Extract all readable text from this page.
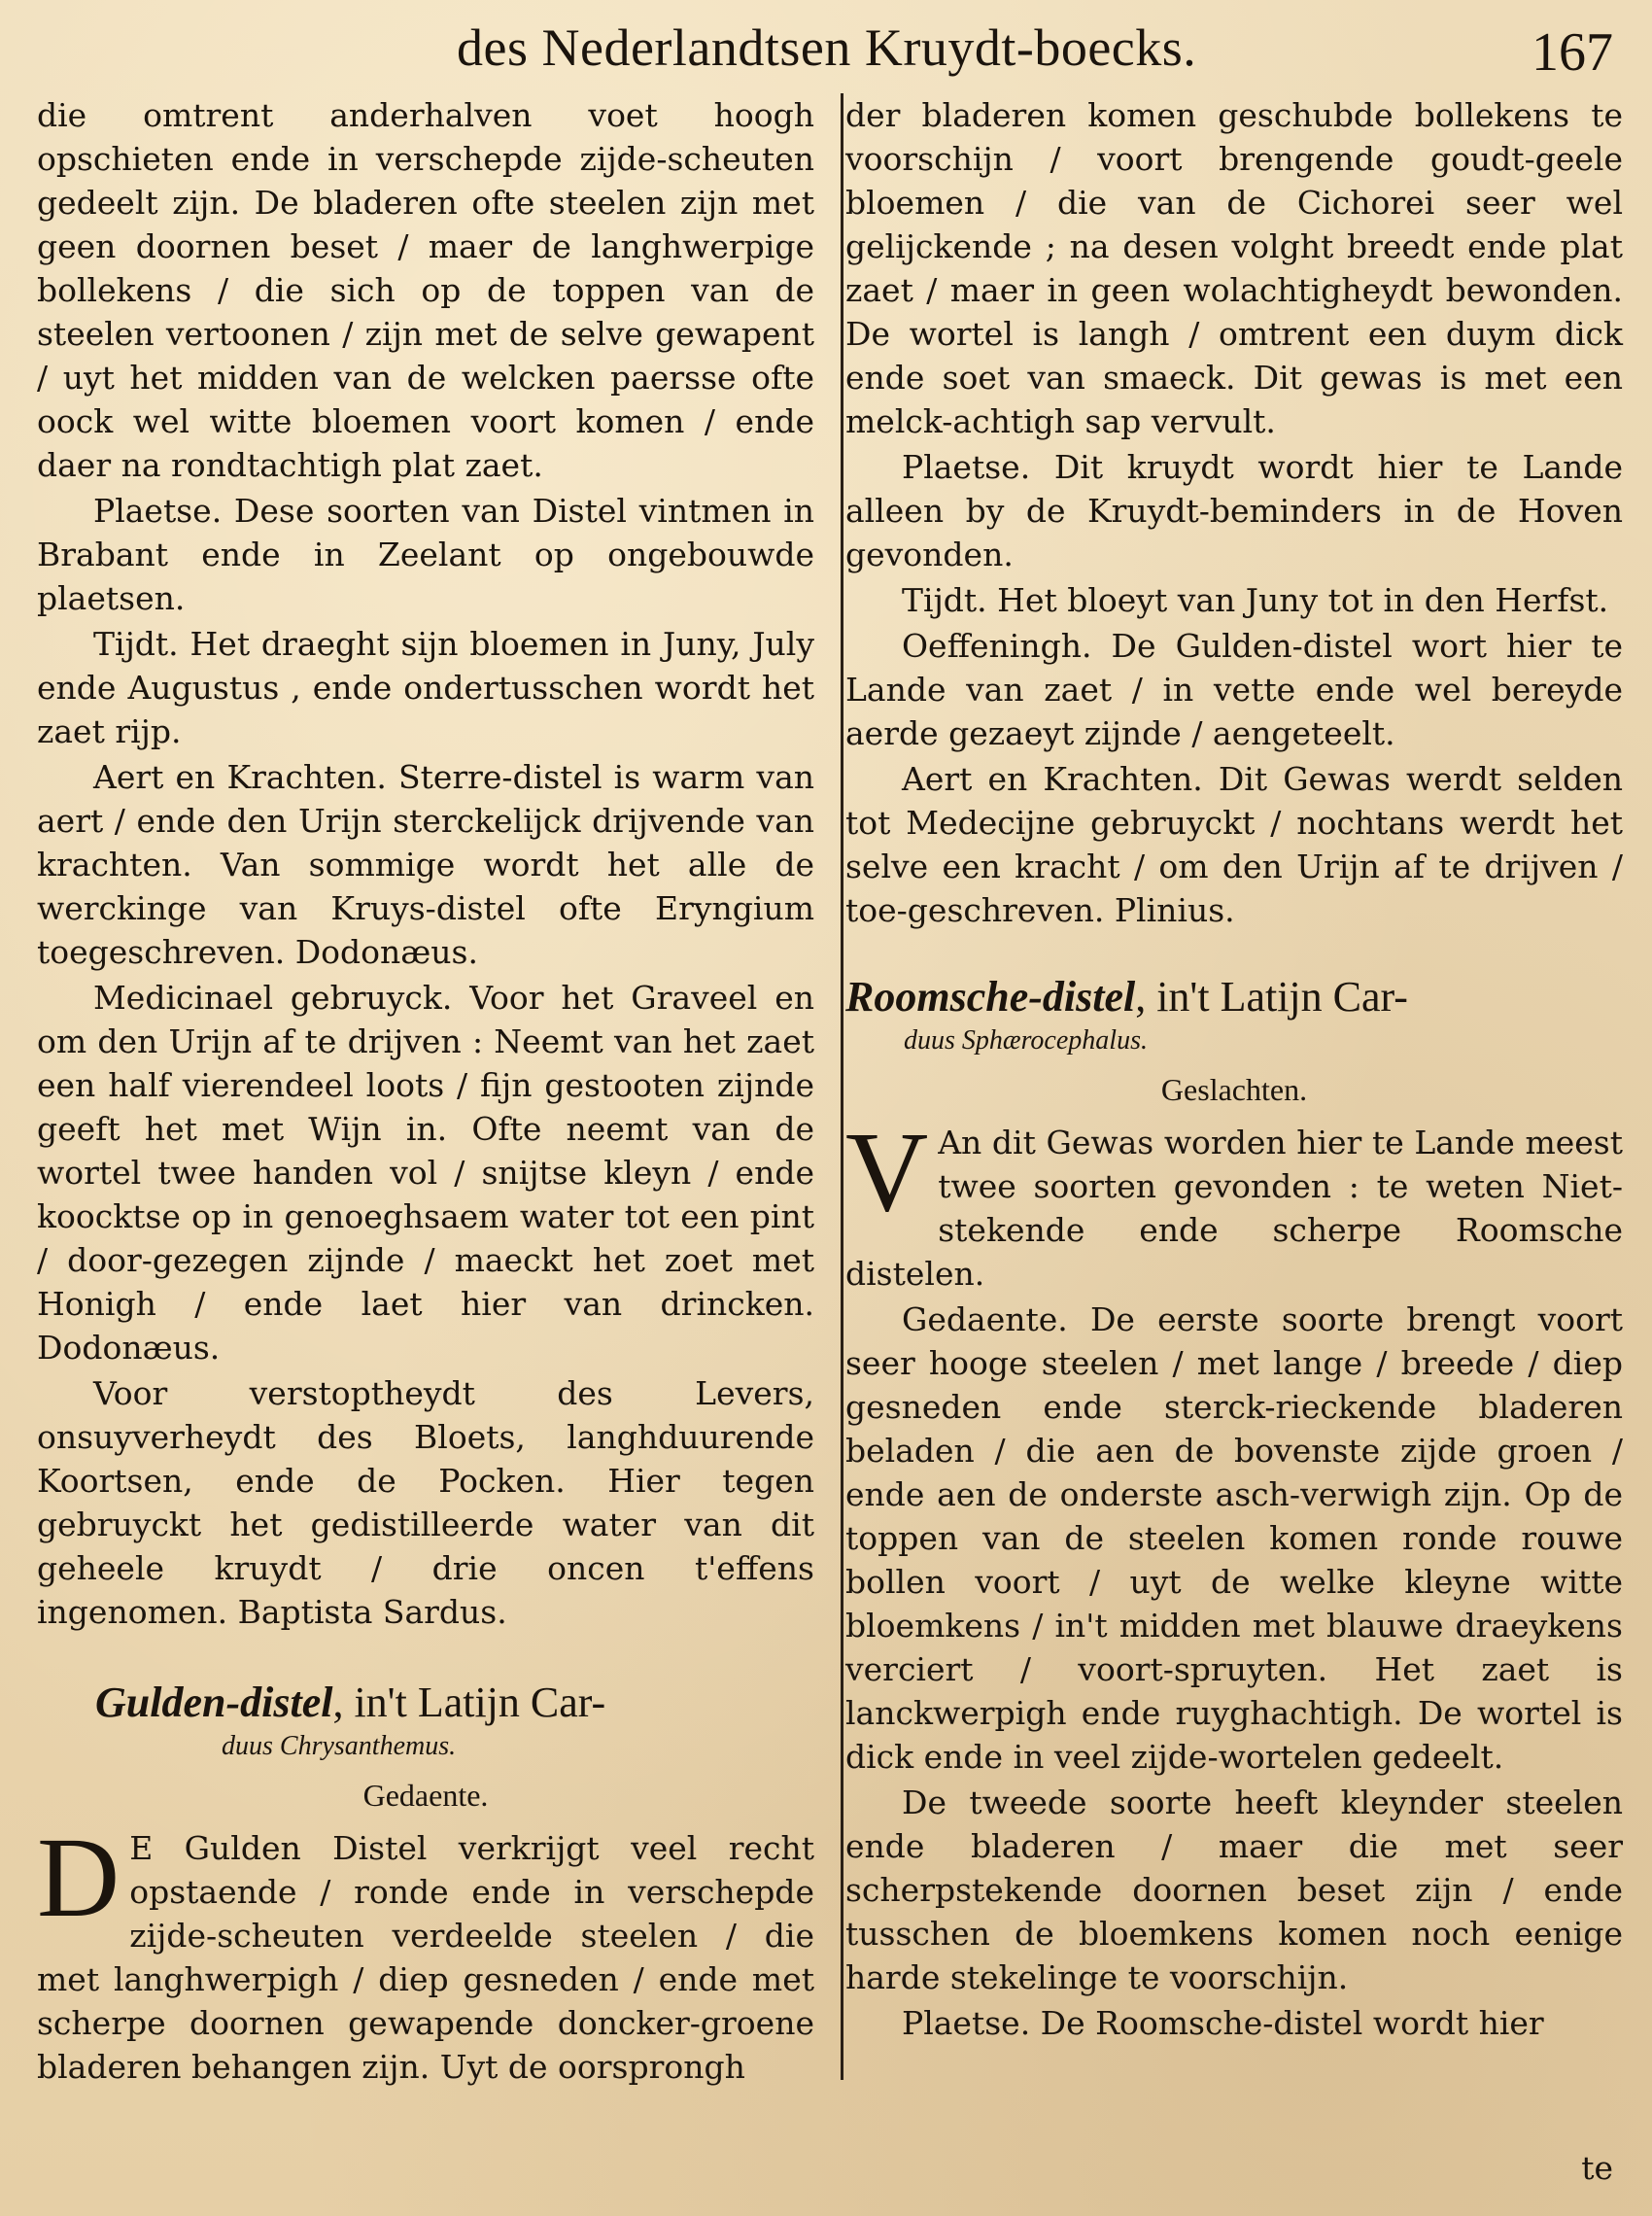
des Nederlandtsen Kruydt-boecks.	167

die omtrent anderhalven voet hoogh opschieten ende in verschepde zijde-scheuten gedeelt zijn. De bladeren ofte steelen zijn met geen doornen beset / maer de langhwerpige bollekens / die sich op de toppen van de steelen vertoonen / zijn met de selve gewapent / uyt het midden van de welcken paersse ofte oock wel witte bloemen voort komen / ende daer na rondtachtigh plat zaet.

Plaetse. Dese soorten van Distel vintmen in Brabant ende in Zeelant op ongebouwde plaetsen.

Tijdt. Het draeght sijn bloemen in Juny, July ende Augustus , ende ondertusschen wordt het zaet rijp.

Aert en Krachten. Sterre-distel is warm van aert / ende den Urijn sterckelijck drijvende van krachten. Van sommige wordt het alle de werckinge van Kruys-distel ofte Eryngium toegeschreven. Dodonæus.

Medicinael gebruyck. Voor het Graveel en om den Urijn af te drijven : Neemt van het zaet een half vierendeel loots / fijn gestooten zijnde geeft het met Wijn in. Ofte neemt van de wortel twee handen vol / snijtse kleyn / ende koocktse op in genoeghsaem water tot een pint / door-gezegen zijnde / maeckt het zoet met Honigh / ende laet hier van drincken. Dodonæus.

Voor verstoptheydt des Levers, onsuyverheydt des Bloets, langhduurende Koortsen, ende de Pocken. Hier tegen gebruyckt het gedistilleerde water van dit geheele kruydt / drie oncen t'effens ingenomen. Baptista Sardus.

Gulden-distel, in't Latijn Car-
duus Chrysanthemus.
Gedaente.

D E Gulden Distel verkrijgt veel recht opstaende / ronde ende in verschepde zijde-scheuten verdeelde steelen / die met langhwerpigh / diep gesneden / ende met scherpe doornen gewapende doncker-groene bladeren behangen zijn. Uyt de oorsprongh

der bladeren komen geschubde bollekens te voorschijn / voort brengende goudt-geele bloemen / die van de Cichorei seer wel gelijckende ; na desen volght breedt ende plat zaet / maer in geen wolachtigheydt bewonden. De wortel is langh / omtrent een duym dick ende soet van smaeck. Dit gewas is met een melck-achtigh sap vervult.

Plaetse. Dit kruydt wordt hier te Lande alleen by de Kruydt-beminders in de Hoven gevonden.

Tijdt. Het bloeyt van Juny tot in den Herfst.

Oeffeningh. De Gulden-distel wort hier te Lande van zaet / in vette ende wel bereyde aerde gezaeyt zijnde / aengeteelt.

Aert en Krachten. Dit Gewas werdt selden tot Medecijne gebruyckt / nochtans werdt het selve een kracht / om den Urijn af te drijven / toe-geschreven. Plinius.

Roomsche-distel, in't Latijn Car-
duus Sphærocephalus.
Geslachten.

V An dit Gewas worden hier te Lande meest twee soorten gevonden : te weten Niet-stekende ende scherpe Roomsche distelen.

Gedaente. De eerste soorte brengt voort seer hooge steelen / met lange / breede / diep gesneden ende sterck-rieckende bladeren beladen / die aen de bovenste zijde groen / ende aen de onderste asch-verwigh zijn. Op de toppen van de steelen komen ronde rouwe bollen voort / uyt de welke kleyne witte bloemkens / in't midden met blauwe draeykens verciert / voort-spruyten. Het zaet is lanckwerpigh ende ruyghachtigh. De wortel is dick ende in veel zijde-wortelen gedeelt.

De tweede soorte heeft kleynder steelen ende bladeren / maer die met seer scherpstekende doornen beset zijn / ende tusschen de bloemkens komen noch eenige harde stekelinge te voorschijn.

Plaetse. De Roomsche-distel wordt hier

te
